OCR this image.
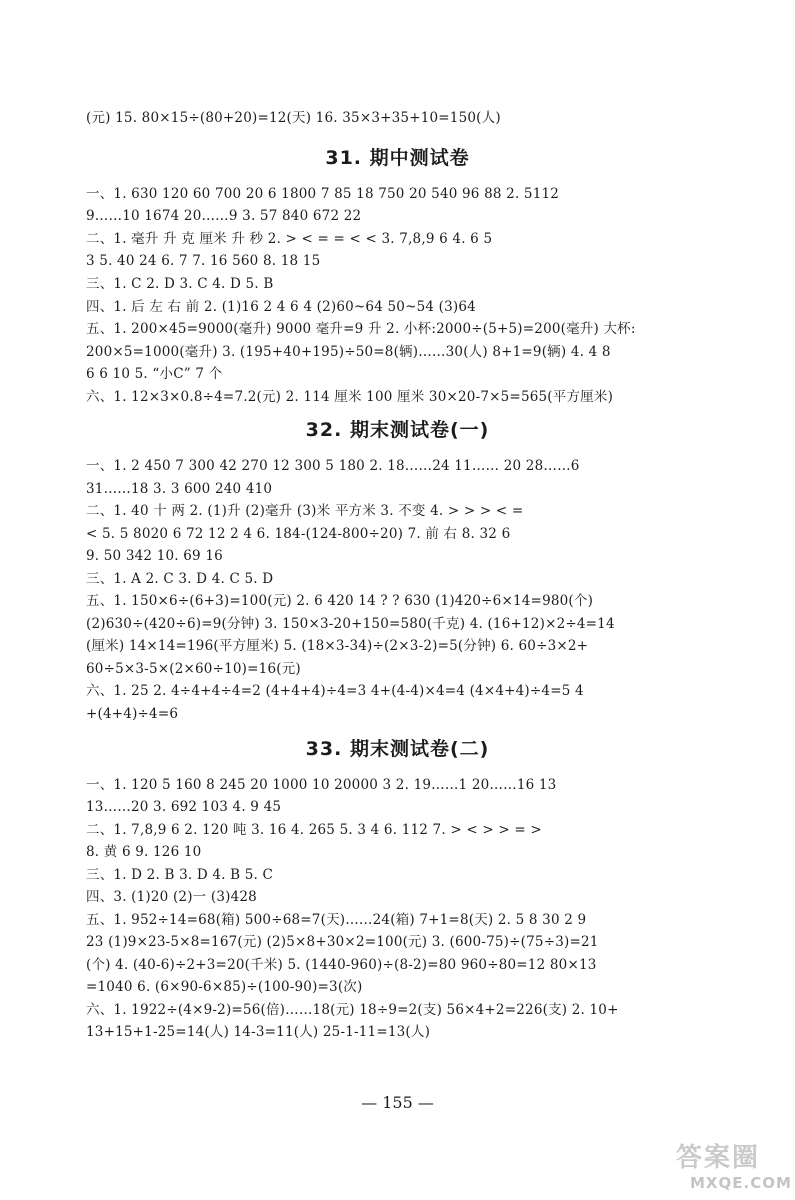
(元) 15. 80×15÷(80+20)=12(天) 16. 35×3+35+10=150(人)
31. 期中测试卷
一、1. 630 120 60 700 20 6 1800 7 85 18 750 20 540 96 88 2. 5112
9……10 1674 20……9 3. 57 840 672 22
二、1. 毫升 升 克 厘米 升 秒 2. > < = = < < 3. 7,8,9 6 4. 6 5
3 5. 40 24 6. 7 7. 16 560 8. 18 15
三、1. C 2. D 3. C 4. D 5. B
四、1. 后 左 右 前 2. (1)16 2 4 6 4 (2)60~64 50~54 (3)64
五、1. 200×45=9000(毫升) 9000 毫升=9 升 2. 小杯:2000÷(5+5)=200(毫升) 大杯:
200×5=1000(毫升) 3. (195+40+195)÷50=8(辆)……30(人) 8+1=9(辆) 4. 4 8
6 6 10 5. “小C” 7 个
六、1. 12×3×0.8÷4=7.2(元) 2. 114 厘米 100 厘米 30×20-7×5=565(平方厘米)
32. 期末测试卷(一)
一、1. 2 450 7 300 42 270 12 300 5 180 2. 18……24 11…… 20 28……6
31……18 3. 3 600 240 410
二、1. 40 十 两 2. (1)升 (2)毫升 (3)米 平方米 3. 不变 4. > > > < =
< 5. 5 8020 6 72 12 2 4 6. 184-(124-800÷20) 7. 前 右 8. 32 6
9. 50 342 10. 69 16
三、1. A 2. C 3. D 4. C 5. D
五、1. 150×6÷(6+3)=100(元) 2. 6 420 14 ? ? 630 (1)420÷6×14=980(个)
(2)630÷(420÷6)=9(分钟) 3. 150×3-20+150=580(千克) 4. (16+12)×2÷4=14
(厘米) 14×14=196(平方厘米) 5. (18×3-34)÷(2×3-2)=5(分钟) 6. 60÷3×2+
60÷5×3-5×(2×60÷10)=16(元)
六、1. 25 2. 4÷4+4÷4=2 (4+4+4)÷4=3 4+(4-4)×4=4 (4×4+4)÷4=5 4
+(4+4)÷4=6
33. 期末测试卷(二)
一、1. 120 5 160 8 245 20 1000 10 20000 3 2. 19……1 20……16 13
13……20 3. 692 103 4. 9 45
二、1. 7,8,9 6 2. 120 吨 3. 16 4. 265 5. 3 4 6. 112 7. > < > > = >
8. 黄 6 9. 126 10
三、1. D 2. B 3. D 4. B 5. C
四、3. (1)20 (2)一 (3)428
五、1. 952÷14=68(箱) 500÷68=7(天)……24(箱) 7+1=8(天) 2. 5 8 30 2 9
23 (1)9×23-5×8=167(元) (2)5×8+30×2=100(元) 3. (600-75)÷(75÷3)=21
(个) 4. (40-6)÷2+3=20(千米) 5. (1440-960)÷(8-2)=80 960÷80=12 80×13
=1040 6. (6×90-6×85)÷(100-90)=3(次)
六、1. 1922÷(4×9-2)=56(倍)……18(元) 18÷9=2(支) 56×4+2=226(支) 2. 10+
13+15+1-25=14(人) 14-3=11(人) 25-1-11=13(人)
— 155 —
答案圈
MXQE.COM
